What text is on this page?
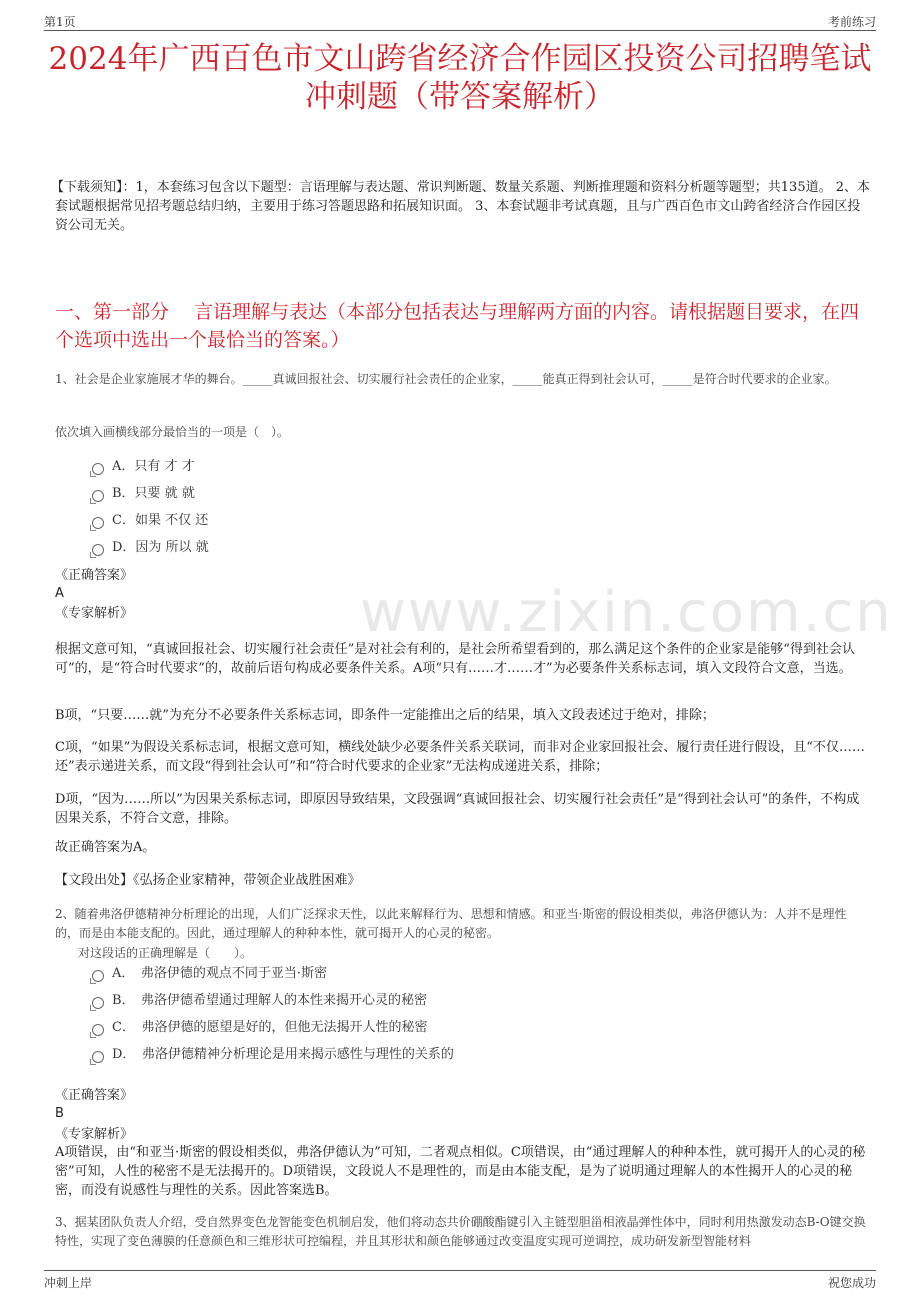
第1页	考前练习
2024年广西百色市文山跨省经济合作园区投资公司招聘笔试冲刺题（带答案解析）
【下载须知】：1，本套练习包含以下题型：言语理解与表达题、常识判断题、数量关系题、判断推理题和资料分析题等题型；共135道。 2、本套试题根据常见招考题总结归纳，主要用于练习答题思路和拓展知识面。 3、本套试题非考试真题，且与广西百色市文山跨省经济合作园区投资公司无关。
一、第一部分　 言语理解与表达（本部分包括表达与理解两方面的内容。请根据题目要求，在四个选项中选出一个最恰当的答案。）
www.zixin.com.cn
1、社会是企业家施展才华的舞台。_____真诚回报社会、切实履行社会责任的企业家，_____能真正得到社会认可，_____是符合时代要求的企业家。
依次填入画横线部分最恰当的一项是（　）。
A．只有 才 才
B．只要 就 就
C．如果 不仅 还
D．因为 所以 就
《正确答案》
A
《专家解析》
根据文意可知，“真诚回报社会、切实履行社会责任”是对社会有利的，是社会所希望看到的，那么满足这个条件的企业家是能够“得到社会认可”的，是“符合时代要求”的，故前后语句构成必要条件关系。A项“只有……才……才”为必要条件关系标志词，填入文段符合文意，当选。
B项，“只要……就”为充分不必要条件关系标志词，即条件一定能推出之后的结果，填入文段表述过于绝对，排除；
C项，“如果”为假设关系标志词，根据文意可知，横线处缺少必要条件关系关联词，而非对企业家回报社会、履行责任进行假设，且“不仅……还”表示递进关系，而文段“得到社会认可”和“符合时代要求的企业家”无法构成递进关系，排除；
D项，“因为……所以”为因果关系标志词，即原因导致结果，文段强调“真诚回报社会、切实履行社会责任”是“得到社会认可”的条件，不构成因果关系，不符合文意，排除。
故正确答案为A。
【文段出处】《弘扬企业家精神，带领企业战胜困难》
2、随着弗洛伊德精神分析理论的出现，人们广泛探求天性，以此来解释行为、思想和情感。和亚当·斯密的假设相类似，弗洛伊德认为：人并不是理性的，而是由本能支配的。因此，通过理解人的种种本性，就可揭开人的心灵的秘密。
对这段话的正确理解是（　　）。
A．　弗洛伊德的观点不同于亚当·斯密
B．　弗洛伊德希望通过理解人的本性来揭开心灵的秘密
C．　弗洛伊德的愿望是好的，但他无法揭开人性的秘密
D．　弗洛伊德精神分析理论是用来揭示感性与理性的关系的
《正确答案》
B
《专家解析》
A项错误，由“和亚当·斯密的假设相类似，弗洛伊德认为”可知，二者观点相似。C项错误，由“通过理解人的种种本性，就可揭开人的心灵的秘密”可知，人性的秘密不是无法揭开的。D项错误，文段说人不是理性的，而是由本能支配，是为了说明通过理解人的本性揭开人的心灵的秘密，而没有说感性与理性的关系。因此答案选B。
3、据某团队负责人介绍，受自然界变色龙智能变色机制启发，他们将动态共价硼酸酯键引入主链型胆甾相液晶弹性体中，同时利用热激发动态B-O键交换特性，实现了变色薄膜的任意颜色和三维形状可控编程，并且其形状和颜色能够通过改变温度实现可逆调控，成功研发新型智能材料
冲刺上岸	祝您成功
